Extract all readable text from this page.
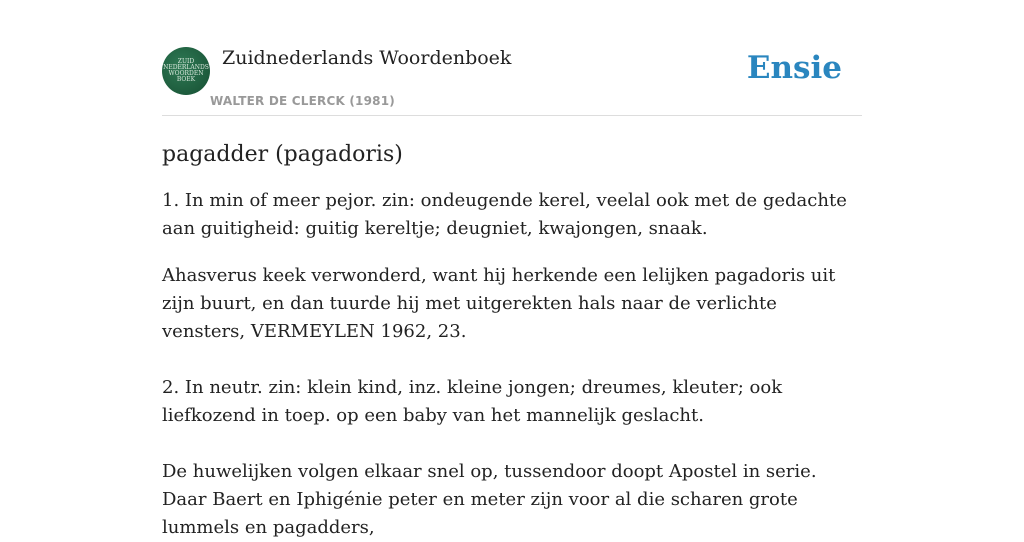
ZUID
NEDERLANDS
WOORDEN
BOEK
Zuidnederlands Woordenboek
WALTER DE CLERCK (1981)
Ensie
pagadder (pagadoris)

1. In min of meer pejor. zin: ondeugende kerel, veelal ook met de gedachte aan guitigheid: guitig kereltje; deugniet, kwajongen, snaak.

Ahasverus keek verwonderd, want hij herkende een lelijken pagadoris uit zijn buurt, en dan tuurde hij met uitgerekten hals naar de verlichte vensters, VERMEYLEN 1962, 23.

2. In neutr. zin: klein kind, inz. kleine jongen; dreumes, kleuter; ook liefkozend in toep. op een baby van het mannelijk geslacht.

De huwelijken volgen elkaar snel op, tussendoor doopt Apostel in serie. Daar Baert en Iphigénie peter en meter zijn voor al die scharen grote lummels en pagadders,
